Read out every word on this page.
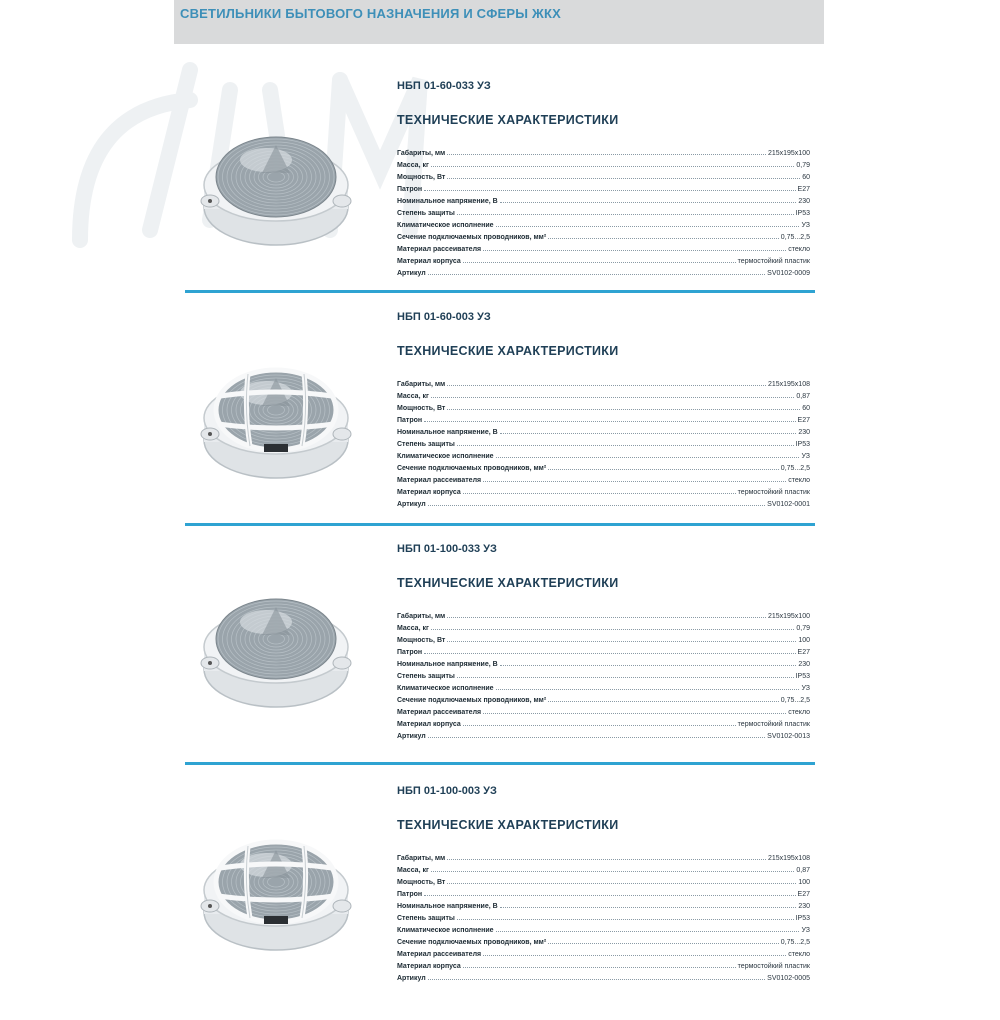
СВЕТИЛЬНИКИ БЫТОВОГО НАЗНАЧЕНИЯ И СФЕРЫ ЖКХ
НБП 01-60-033 УЗ
ТЕХНИЧЕСКИЕ ХАРАКТЕРИСТИКИ
Габариты, мм	215х195х100
Масса, кг	0,79
Мощность, Вт	60
Патрон	E27
Номинальное напряжение, В	230
Степень защиты	IP53
Климатическое исполнение	УЗ
Сечение подключаемых проводников, мм²	0,75...2,5
Материал рассеивателя	стекло
Материал корпуса	термостойкий пластик
Артикул	SV0102-0009
НБП 01-60-003 УЗ
ТЕХНИЧЕСКИЕ ХАРАКТЕРИСТИКИ
Габариты, мм	215х195х108
Масса, кг	0,87
Мощность, Вт	60
Патрон	E27
Номинальное напряжение, В	230
Степень защиты	IP53
Климатическое исполнение	УЗ
Сечение подключаемых проводников, мм²	0,75...2,5
Материал рассеивателя	стекло
Материал корпуса	термостойкий пластик
Артикул	SV0102-0001
НБП 01-100-033 УЗ
ТЕХНИЧЕСКИЕ ХАРАКТЕРИСТИКИ
Габариты, мм	215х195х100
Масса, кг	0,79
Мощность, Вт	100
Патрон	E27
Номинальное напряжение, В	230
Степень защиты	IP53
Климатическое исполнение	УЗ
Сечение подключаемых проводников, мм²	0,75...2,5
Материал рассеивателя	стекло
Материал корпуса	термостойкий пластик
Артикул	SV0102-0013
НБП 01-100-003 УЗ
ТЕХНИЧЕСКИЕ ХАРАКТЕРИСТИКИ
Габариты, мм	215х195х108
Масса, кг	0,87
Мощность, Вт	100
Патрон	E27
Номинальное напряжение, В	230
Степень защиты	IP53
Климатическое исполнение	УЗ
Сечение подключаемых проводников, мм²	0,75...2,5
Материал рассеивателя	стекло
Материал корпуса	термостойкий пластик
Артикул	SV0102-0005
